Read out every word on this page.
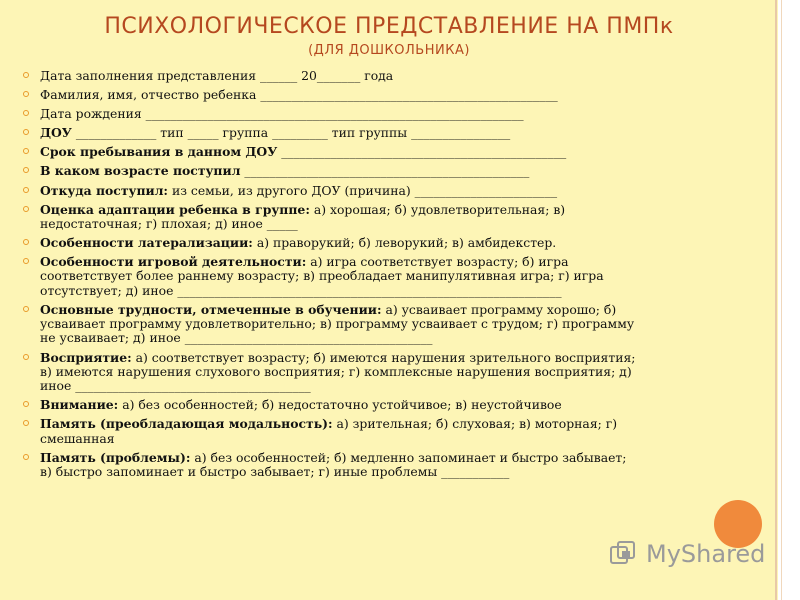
ПСИХОЛОГИЧЕСКОЕ ПРЕДСТАВЛЕНИЕ НА ПМПк
(ДЛЯ ДОШКОЛЬНИКА)
Дата заполнения представления ______ 20_______ года
Фамилия, имя, отчество ребенка ________________________________________________
Дата рождения _____________________________________________________________
ДОУ _____________ тип _____ группа _________ тип группы ________________
Срок пребывания в данном ДОУ ______________________________________________
В каком возрасте поступил ______________________________________________
Откуда поступил: из семьи, из другого ДОУ (причина) _______________________
Оценка адаптации ребенка в группе: а) хорошая; б) удовлетворительная; в) недостаточная; г) плохая; д) иное _____
Особенности латерализации: а) праворукий; б) леворукий; в) амбидекстер.
Особенности игровой деятельности: а) игра соответствует возрасту; б) игра соответствует более раннему возрасту; в) преобладает манипулятивная игра; г) игра отсутствует; д) иное ______________________________________________________________
Основные трудности, отмеченные в обучении: а) усваивает программу хорошо; б) усваивает программу удовлетворительно; в) программу усваивает с трудом; г) программу не усваивает; д) иное ________________________________________
Восприятие: а) соответствует возрасту; б) имеются нарушения зрительного восприятия; в) имеются нарушения слухового восприятия; г) комплексные нарушения восприятия; д) иное ______________________________________
Внимание: а) без особенностей; б) недостаточно устойчивое; в) неустойчивое
Память (преобладающая модальность): а) зрительная; б) слуховая; в) моторная; г) смешанная
Память (проблемы): а) без особенностей; б) медленно запоминает и быстро забывает; в) быстро запоминает и быстро забывает; г) иные проблемы ___________
MyShared
